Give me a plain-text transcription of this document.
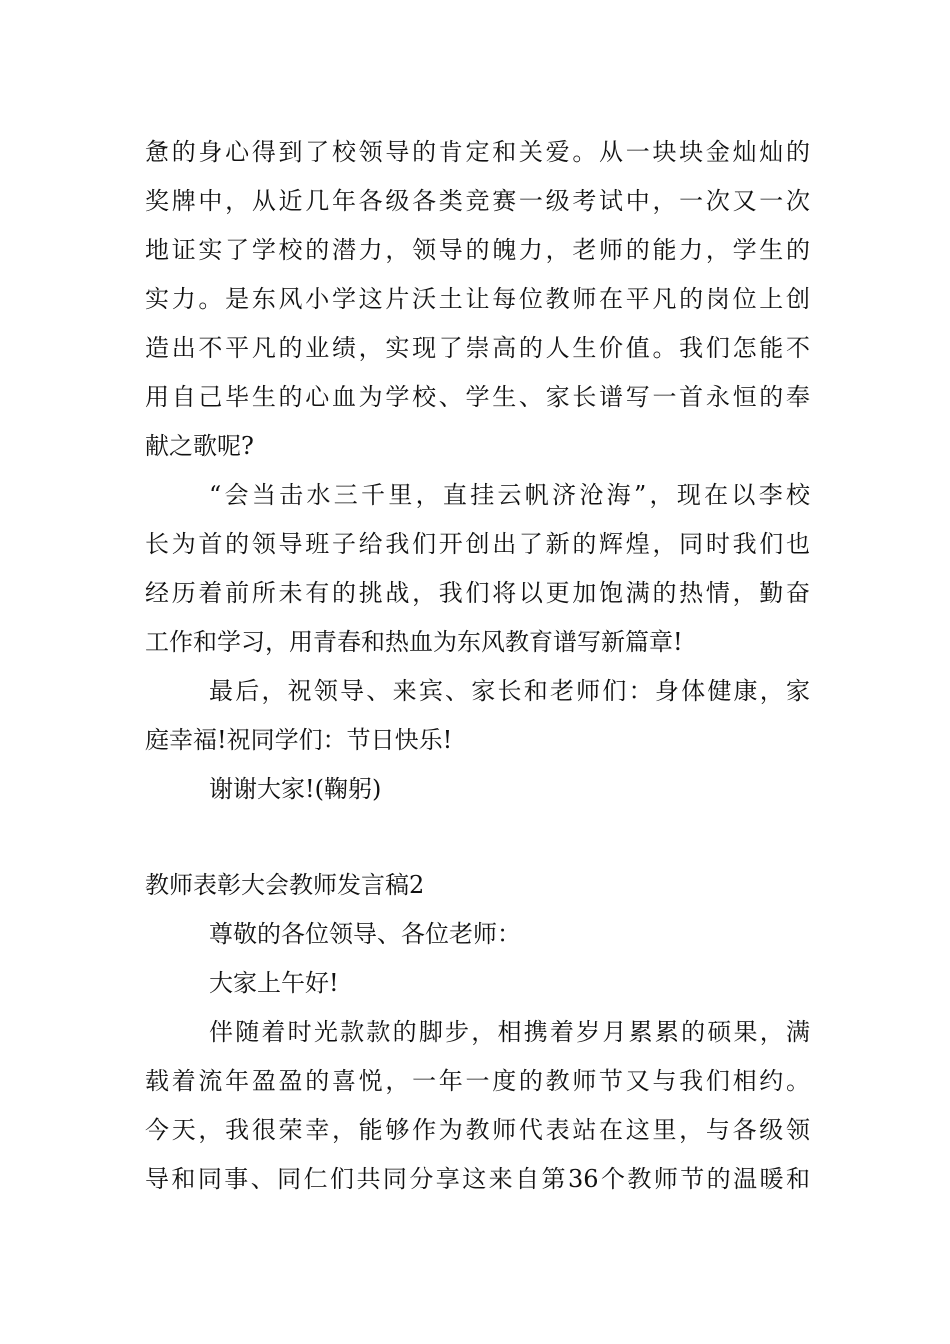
惫的身心得到了校领导的肯定和关爱。从一块块金灿灿的
奖牌中，从近几年各级各类竞赛一级考试中，一次又一次
地证实了学校的潜力，领导的魄力，老师的能力，学生的
实力。是东风小学这片沃土让每位教师在平凡的岗位上创
造出不平凡的业绩，实现了崇高的人生价值。我们怎能不
用自己毕生的心血为学校、学生、家长谱写一首永恒的奉
献之歌呢?
“会当击水三千里，直挂云帆济沧海”，现在以李校
长为首的领导班子给我们开创出了新的辉煌，同时我们也
经历着前所未有的挑战，我们将以更加饱满的热情，勤奋
工作和学习，用青春和热血为东风教育谱写新篇章!
最后，祝领导、来宾、家长和老师们：身体健康，家
庭幸福!祝同学们：节日快乐!
谢谢大家!(鞠躬)
教师表彰大会教师发言稿2
尊敬的各位领导、各位老师：
大家上午好!
伴随着时光款款的脚步，相携着岁月累累的硕果，满
载着流年盈盈的喜悦，一年一度的教师节又与我们相约。
今天，我很荣幸，能够作为教师代表站在这里，与各级领
导和同事、同仁们共同分享这来自第36个教师节的温暖和
